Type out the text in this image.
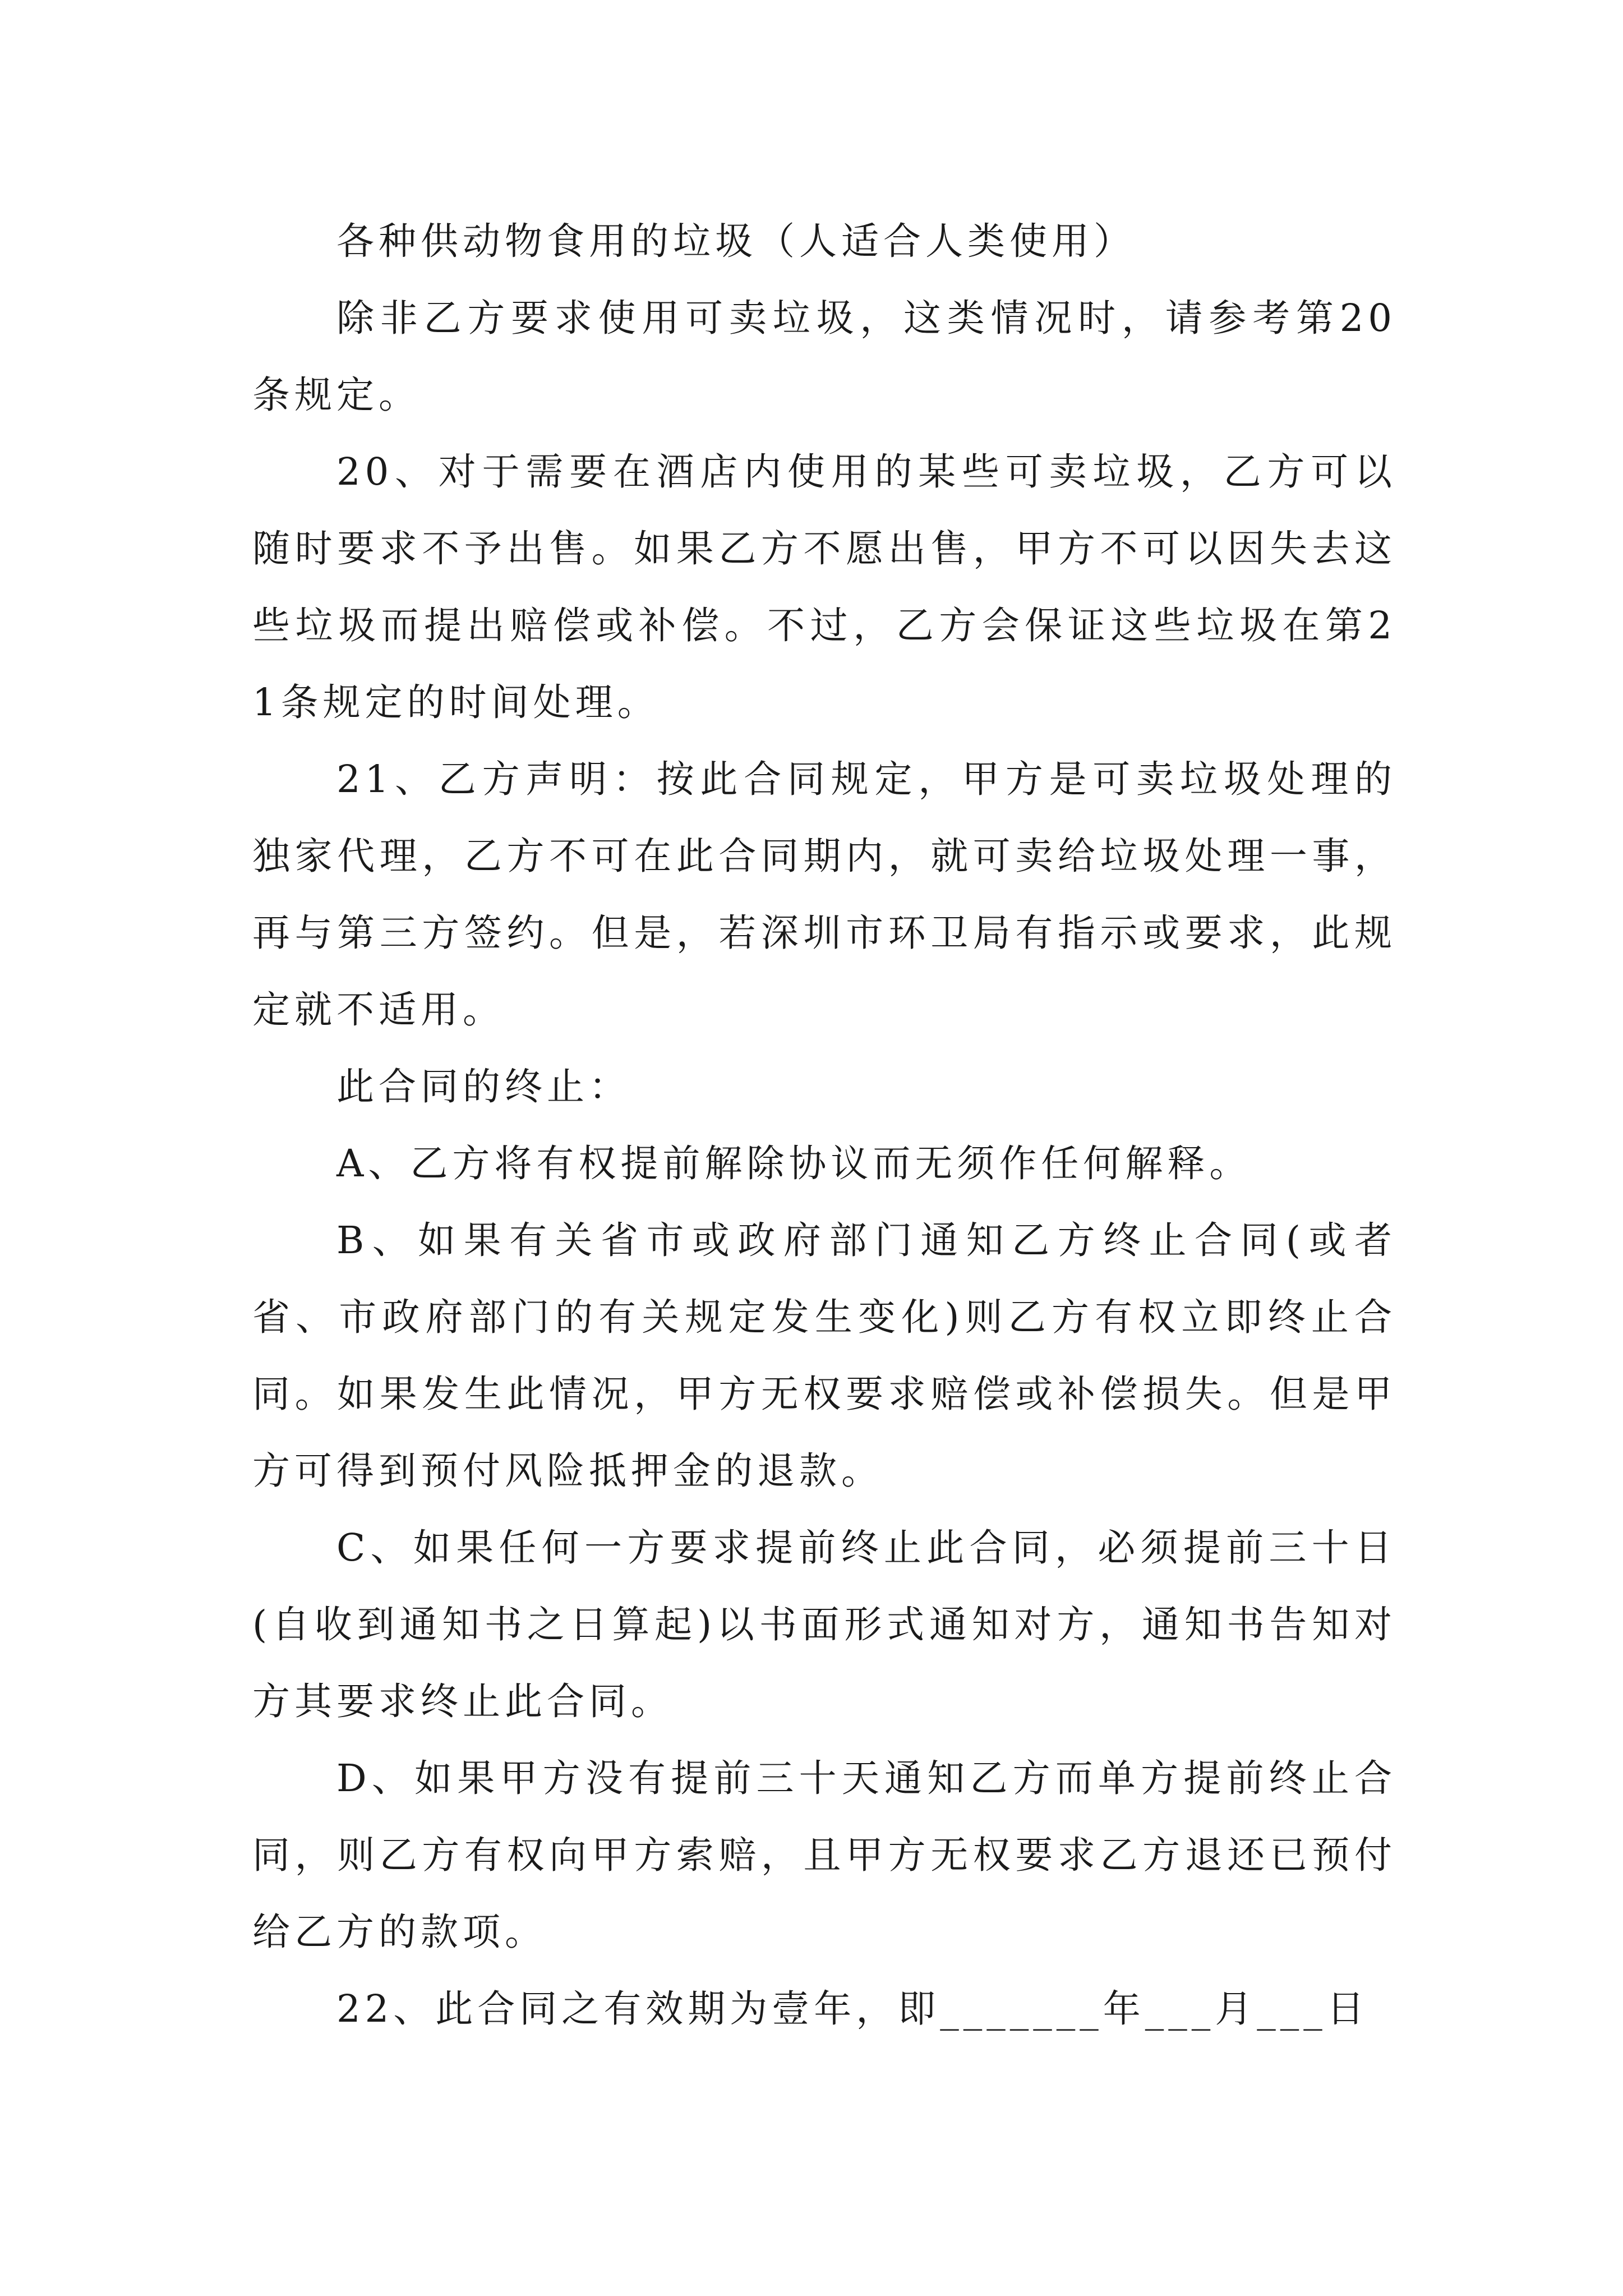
各种供动物食用的垃圾（人适合人类使用）

除非乙方要求使用可卖垃圾，这类情况时，请参考第20条规定。

20、对于需要在酒店内使用的某些可卖垃圾，乙方可以随时要求不予出售。如果乙方不愿出售，甲方不可以因失去这些垃圾而提出赔偿或补偿。不过，乙方会保证这些垃圾在第21条规定的时间处理。

21、乙方声明：按此合同规定，甲方是可卖垃圾处理的独家代理，乙方不可在此合同期内，就可卖给垃圾处理一事，再与第三方签约。但是，若深圳市环卫局有指示或要求，此规定就不适用。

此合同的终止：

A、乙方将有权提前解除协议而无须作任何解释。

B、如果有关省市或政府部门通知乙方终止合同(或者省、市政府部门的有关规定发生变化)则乙方有权立即终止合同。如果发生此情况，甲方无权要求赔偿或补偿损失。但是甲方可得到预付风险抵押金的退款。

C、如果任何一方要求提前终止此合同，必须提前三十日(自收到通知书之日算起)以书面形式通知对方，通知书告知对方其要求终止此合同。

D、如果甲方没有提前三十天通知乙方而单方提前终止合同，则乙方有权向甲方索赔，且甲方无权要求乙方退还已预付给乙方的款项。

22、此合同之有效期为壹年，即_______年___月___日
